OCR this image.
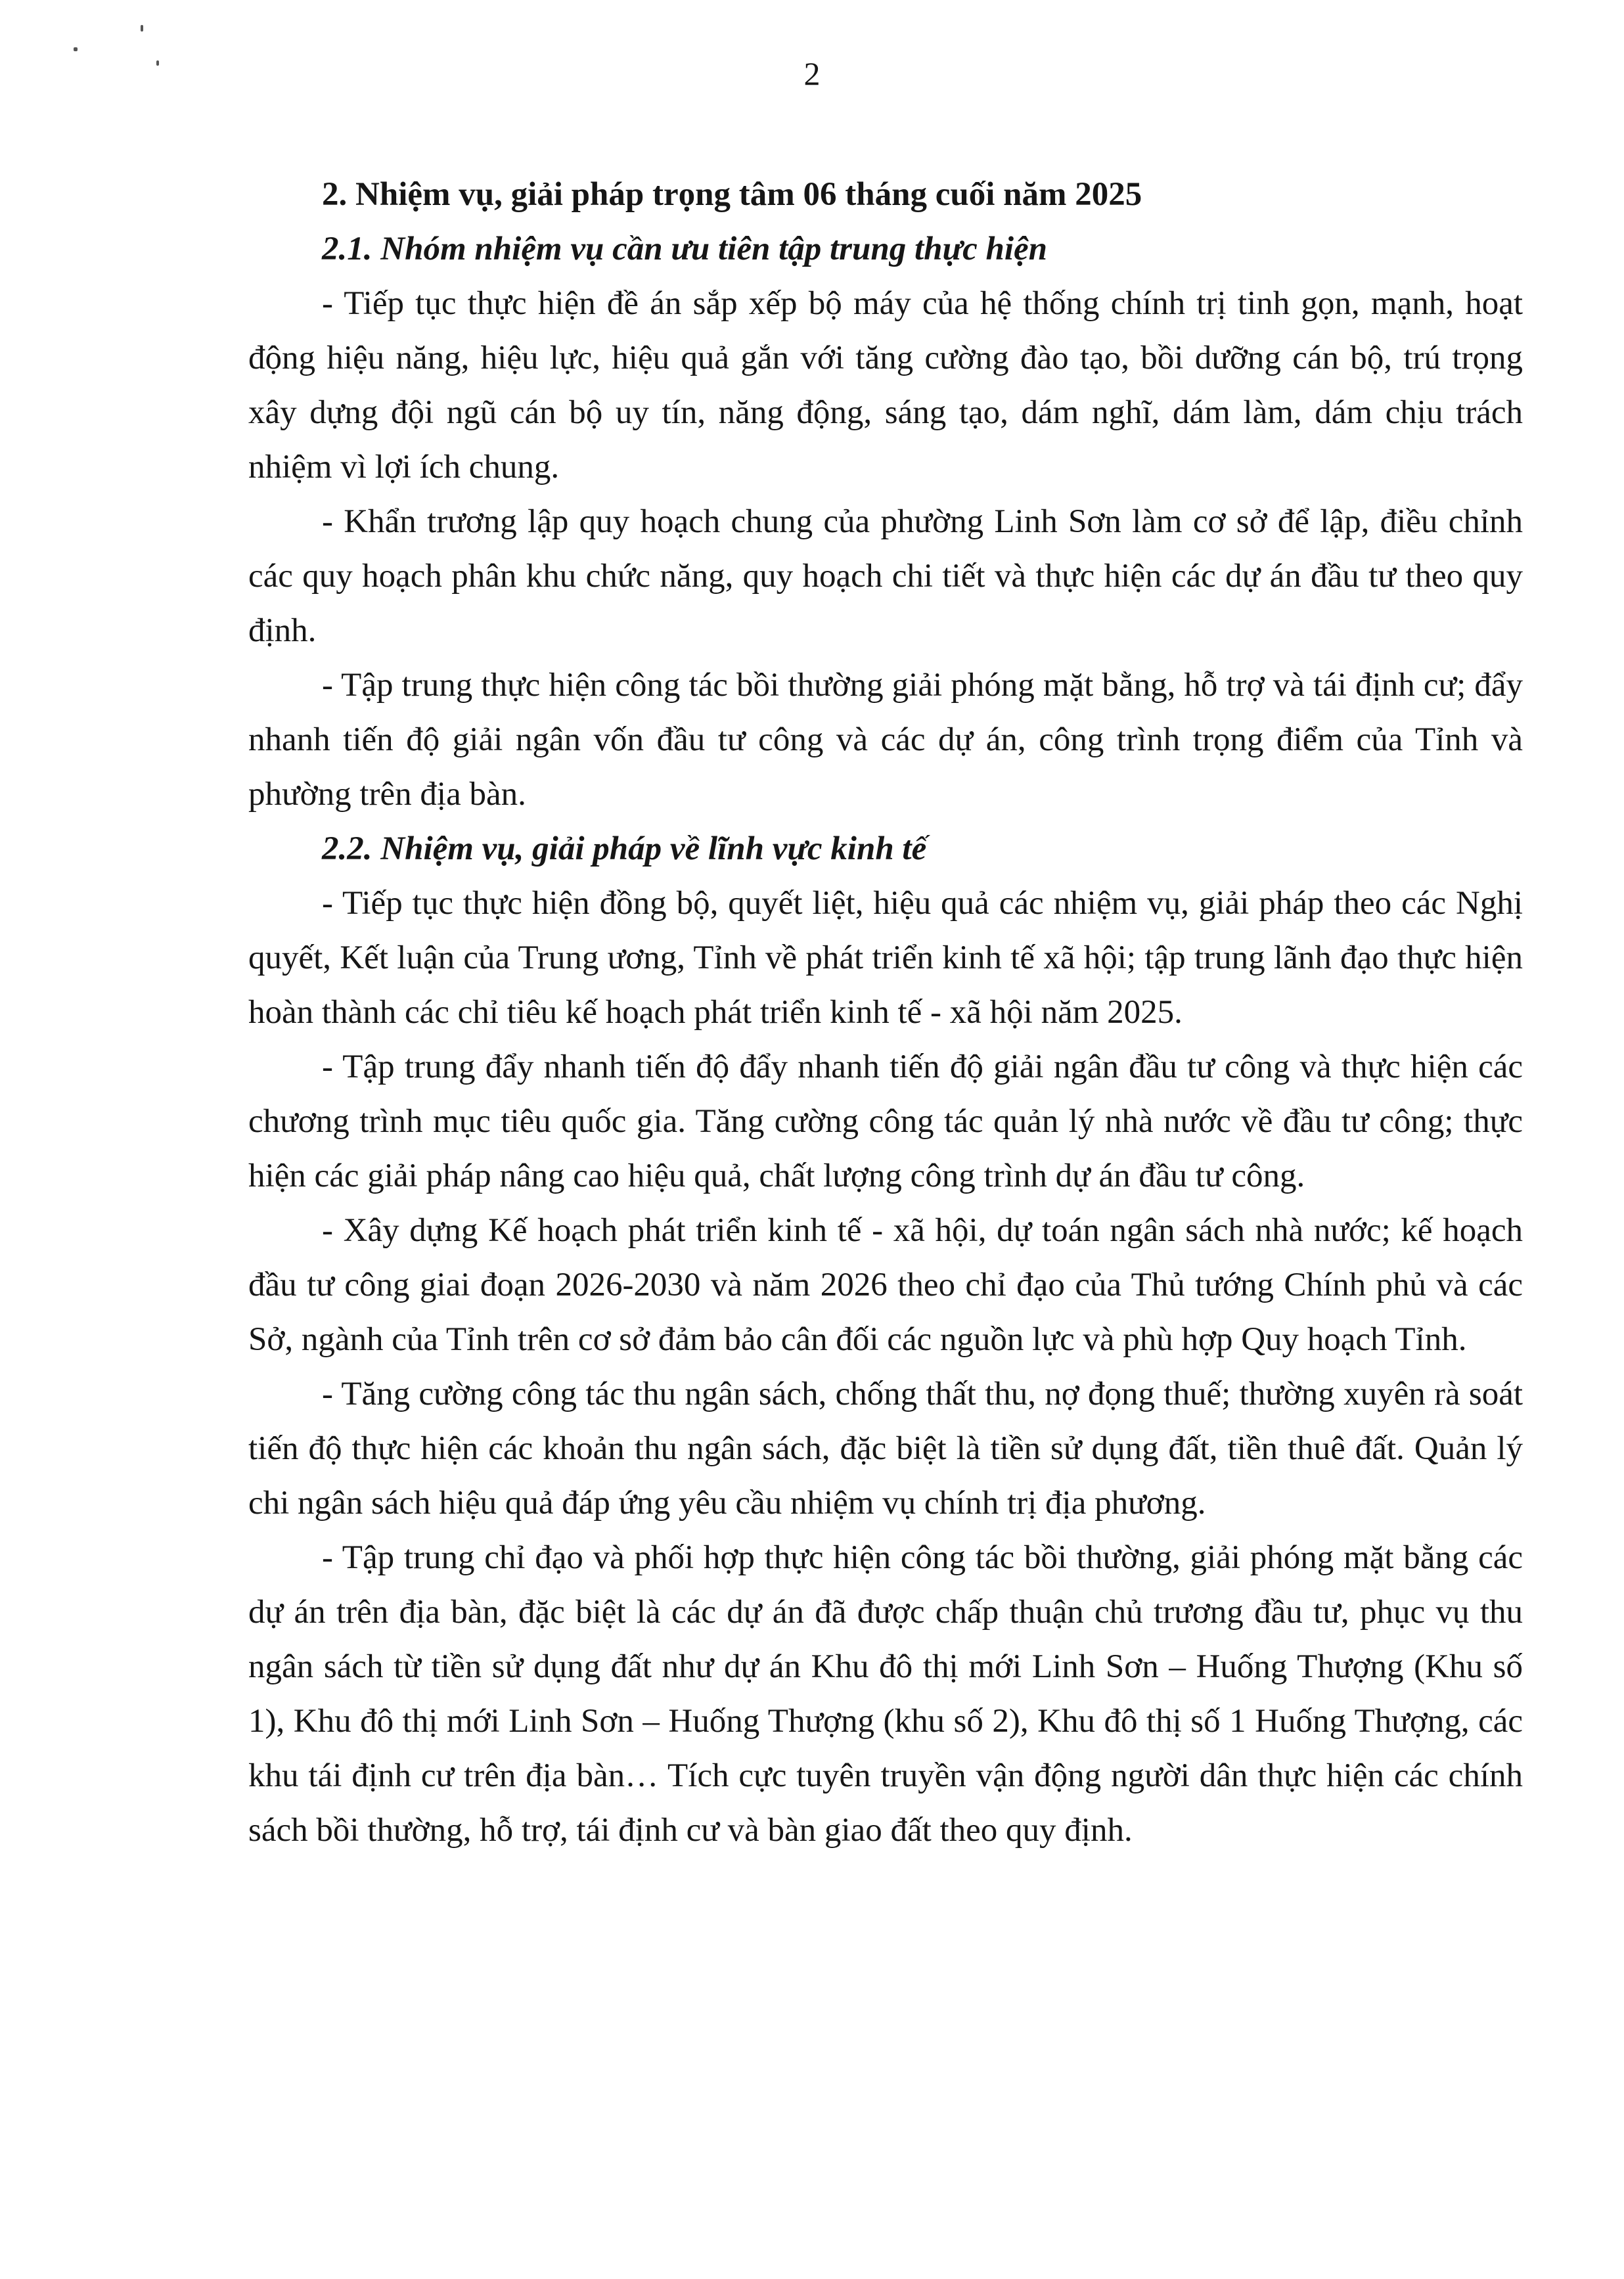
2
2. Nhiệm vụ, giải pháp trọng tâm 06 tháng cuối năm 2025
2.1. Nhóm nhiệm vụ cần ưu tiên tập trung thực hiện

- Tiếp tục thực hiện đề án sắp xếp bộ máy của hệ thống chính trị tinh gọn, mạnh, hoạt động hiệu năng, hiệu lực, hiệu quả gắn với tăng cường đào tạo, bồi dưỡng cán bộ, trú trọng xây dựng đội ngũ cán bộ uy tín, năng động, sáng tạo, dám nghĩ, dám làm, dám chịu trách nhiệm vì lợi ích chung.

- Khẩn trương lập quy hoạch chung của phường Linh Sơn làm cơ sở để lập, điều chỉnh các quy hoạch phân khu chức năng, quy hoạch chi tiết và thực hiện các dự án đầu tư theo quy định.

- Tập trung thực hiện công tác bồi thường giải phóng mặt bằng, hỗ trợ và tái định cư; đẩy nhanh tiến độ giải ngân vốn đầu tư công và các dự án, công trình trọng điểm của Tỉnh và phường trên địa bàn.

2.2. Nhiệm vụ, giải pháp về lĩnh vực kinh tế

- Tiếp tục thực hiện đồng bộ, quyết liệt, hiệu quả các nhiệm vụ, giải pháp theo các Nghị quyết, Kết luận của Trung ương, Tỉnh về phát triển kinh tế xã hội; tập trung lãnh đạo thực hiện hoàn thành các chỉ tiêu kế hoạch phát triển kinh tế - xã hội năm 2025.

- Tập trung đẩy nhanh tiến độ đẩy nhanh tiến độ giải ngân đầu tư công và thực hiện các chương trình mục tiêu quốc gia. Tăng cường công tác quản lý nhà nước về đầu tư công; thực hiện các giải pháp nâng cao hiệu quả, chất lượng công trình dự án đầu tư công.

- Xây dựng Kế hoạch phát triển kinh tế - xã hội, dự toán ngân sách nhà nước; kế hoạch đầu tư công giai đoạn 2026-2030 và năm 2026 theo chỉ đạo của Thủ tướng Chính phủ và các Sở, ngành của Tỉnh trên cơ sở đảm bảo cân đối các nguồn lực và phù hợp Quy hoạch Tỉnh.

- Tăng cường công tác thu ngân sách, chống thất thu, nợ đọng thuế; thường xuyên rà soát tiến độ thực hiện các khoản thu ngân sách, đặc biệt là tiền sử dụng đất, tiền thuê đất. Quản lý chi ngân sách hiệu quả đáp ứng yêu cầu nhiệm vụ chính trị địa phương.

- Tập trung chỉ đạo và phối hợp thực hiện công tác bồi thường, giải phóng mặt bằng các dự án trên địa bàn, đặc biệt là các dự án đã được chấp thuận chủ trương đầu tư, phục vụ thu ngân sách từ tiền sử dụng đất như dự án Khu đô thị mới Linh Sơn – Huống Thượng (Khu số 1), Khu đô thị mới Linh Sơn – Huống Thượng (khu số 2), Khu đô thị số 1 Huống Thượng, các khu tái định cư trên địa bàn… Tích cực tuyên truyền vận động người dân thực hiện các chính sách bồi thường, hỗ trợ, tái định cư và bàn giao đất theo quy định.
